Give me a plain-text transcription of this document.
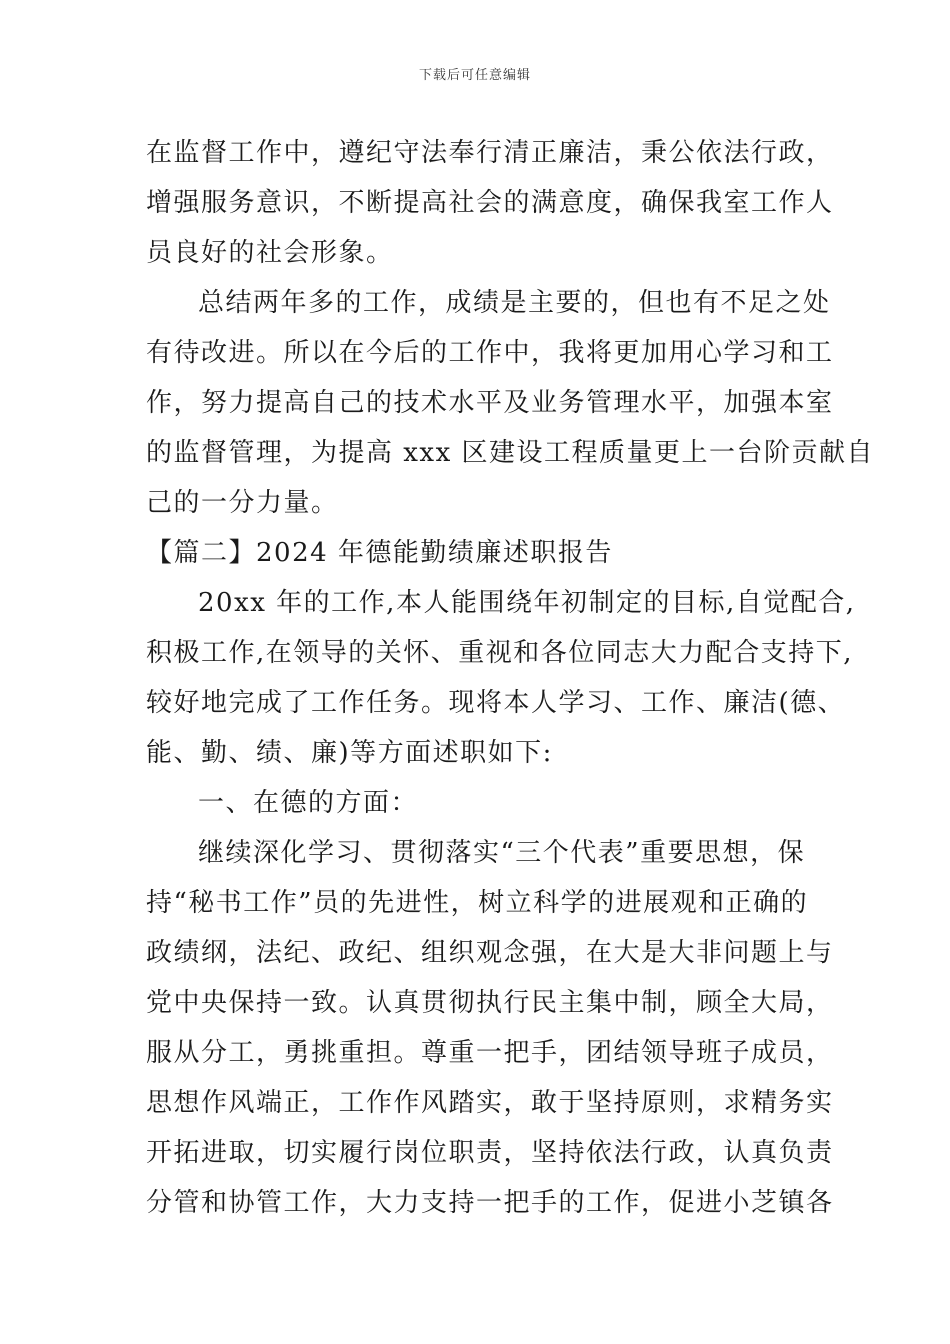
下载后可任意编辑
在监督工作中，遵纪守法奉行清正廉洁，秉公依法行政，
增强服务意识，不断提高社会的满意度，确保我室工作人
员良好的社会形象。
总结两年多的工作，成绩是主要的，但也有不足之处
有待改进。所以在今后的工作中，我将更加用心学习和工
作，努力提高自己的技术水平及业务管理水平，加强本室
的监督管理，为提高 xxx 区建设工程质量更上一台阶贡献自
己的一分力量。
【篇二】2024 年德能勤绩廉述职报告
20xx 年的工作,本人能围绕年初制定的目标,自觉配合,
积极工作,在领导的关怀、重视和各位同志大力配合支持下,
较好地完成了工作任务。现将本人学习、工作、廉洁(德、
能、勤、绩、廉)等方面述职如下:
一、在德的方面：
继续深化学习、贯彻落实“三个代表”重要思想，保
持“秘书工作”员的先进性，树立科学的进展观和正确的
政绩纲，法纪、政纪、组织观念强，在大是大非问题上与
党中央保持一致。认真贯彻执行民主集中制，顾全大局，
服从分工，勇挑重担。尊重一把手，团结领导班子成员，
思想作风端正，工作作风踏实，敢于坚持原则，求精务实
开拓进取，切实履行岗位职责，坚持依法行政，认真负责
分管和协管工作，大力支持一把手的工作，促进小芝镇各
